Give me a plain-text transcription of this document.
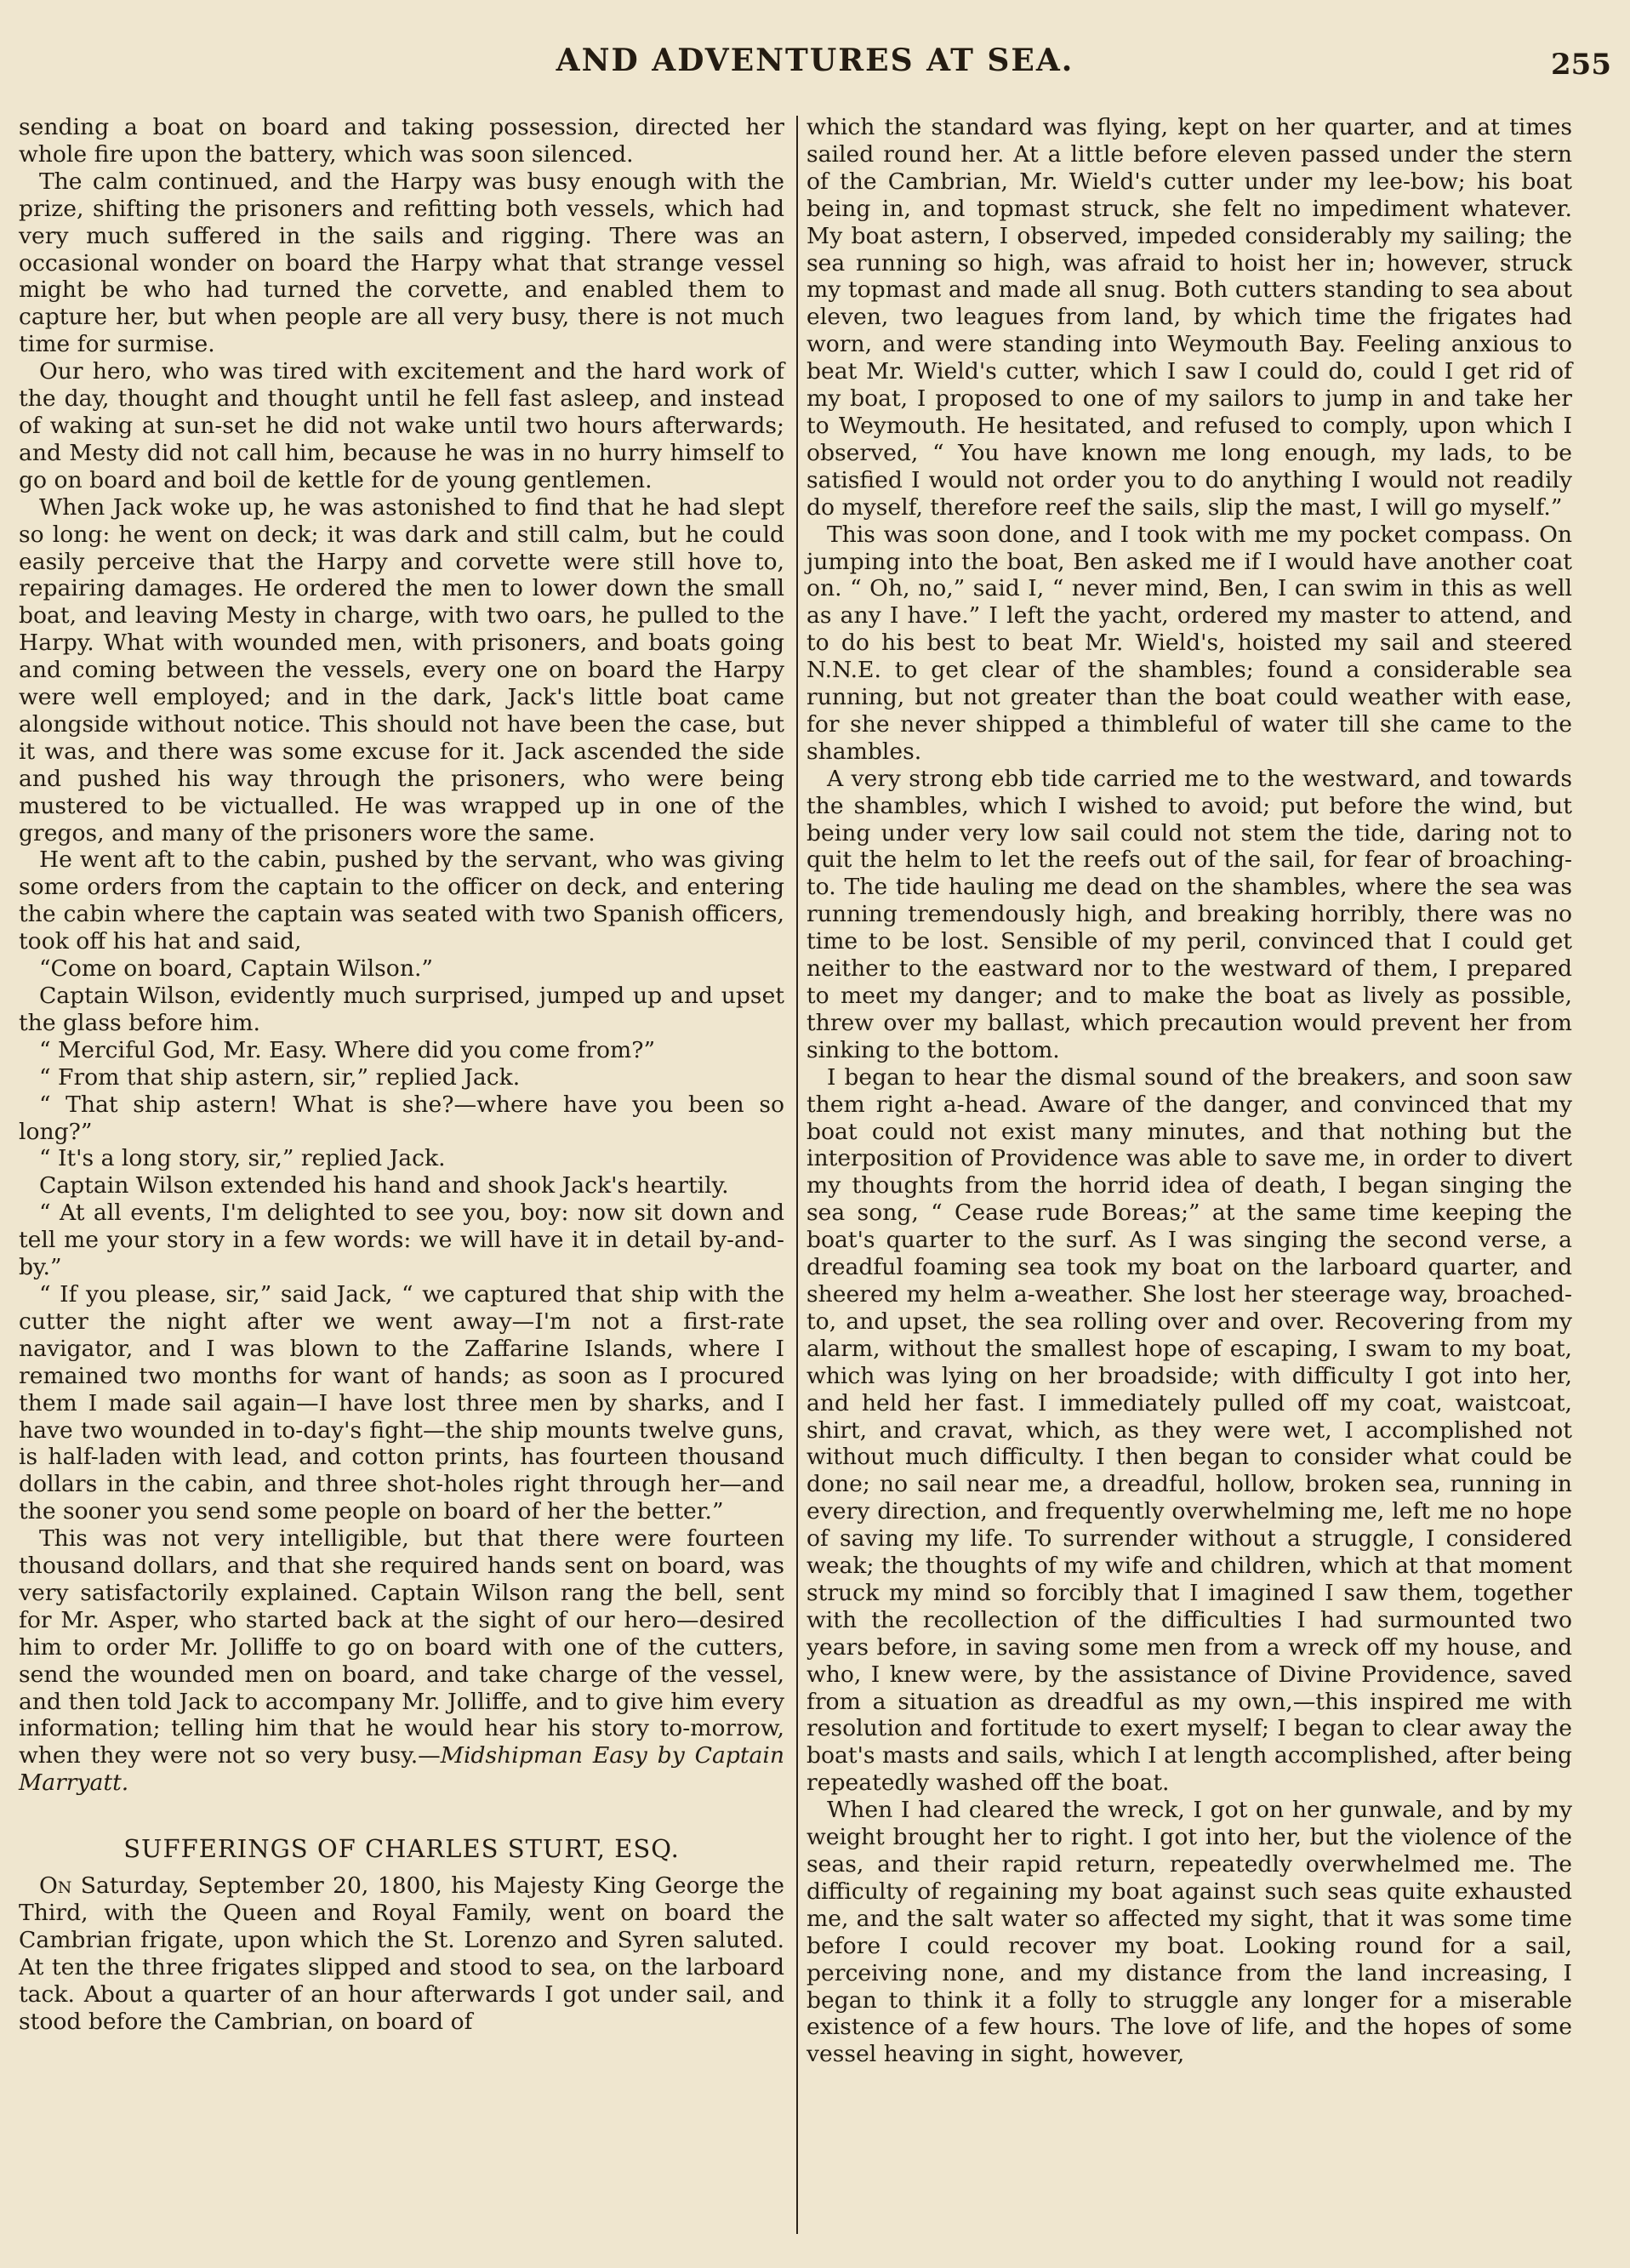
AND ADVENTURES AT SEA.	255

sending a boat on board and taking possession, directed her whole fire upon the battery, which was soon silenced.

The calm continued, and the Harpy was busy enough with the prize, shifting the prisoners and refitting both vessels, which had very much suffered in the sails and rigging. There was an occasional wonder on board the Harpy what that strange vessel might be who had turned the corvette, and enabled them to capture her, but when people are all very busy, there is not much time for surmise.

Our hero, who was tired with excitement and the hard work of the day, thought and thought until he fell fast asleep, and instead of waking at sun-set he did not wake until two hours afterwards; and Mesty did not call him, because he was in no hurry himself to go on board and boil de kettle for de young gentlemen.

When Jack woke up, he was astonished to find that he had slept so long: he went on deck; it was dark and still calm, but he could easily perceive that the Harpy and corvette were still hove to, repairing damages. He ordered the men to lower down the small boat, and leaving Mesty in charge, with two oars, he pulled to the Harpy. What with wounded men, with prisoners, and boats going and coming between the vessels, every one on board the Harpy were well employed; and in the dark, Jack's little boat came alongside without notice. This should not have been the case, but it was, and there was some excuse for it. Jack ascended the side and pushed his way through the prisoners, who were being mustered to be victualled. He was wrapped up in one of the gregos, and many of the prisoners wore the same.

He went aft to the cabin, pushed by the servant, who was giving some orders from the captain to the officer on deck, and entering the cabin where the captain was seated with two Spanish officers, took off his hat and said,

“Come on board, Captain Wilson.”

Captain Wilson, evidently much surprised, jumped up and upset the glass before him.

“ Merciful God, Mr. Easy. Where did you come from?”

“ From that ship astern, sir,” replied Jack.

“ That ship astern! What is she?—where have you been so long?”

“ It's a long story, sir,” replied Jack.

Captain Wilson extended his hand and shook Jack's heartily.

“ At all events, I'm delighted to see you, boy: now sit down and tell me your story in a few words: we will have it in detail by-and-by.”

“ If you please, sir,” said Jack, “ we captured that ship with the cutter the night after we went away—I'm not a first-rate navigator, and I was blown to the Zaffarine Islands, where I remained two months for want of hands; as soon as I procured them I made sail again—I have lost three men by sharks, and I have two wounded in to-day's fight—the ship mounts twelve guns, is half-laden with lead, and cotton prints, has fourteen thousand dollars in the cabin, and three shot-holes right through her—and the sooner you send some people on board of her the better.”

This was not very intelligible, but that there were fourteen thousand dollars, and that she required hands sent on board, was very satisfactorily explained. Captain Wilson rang the bell, sent for Mr. Asper, who started back at the sight of our hero—desired him to order Mr. Jolliffe to go on board with one of the cutters, send the wounded men on board, and take charge of the vessel, and then told Jack to accompany Mr. Jolliffe, and to give him every information; telling him that he would hear his story to-morrow, when they were not so very busy.—Midshipman Easy by Captain Marryatt.

SUFFERINGS OF CHARLES STURT, ESQ.

On Saturday, September 20, 1800, his Majesty King George the Third, with the Queen and Royal Family, went on board the Cambrian frigate, upon which the St. Lorenzo and Syren saluted. At ten the three frigates slipped and stood to sea, on the larboard tack. About a quarter of an hour afterwards I got under sail, and stood before the Cambrian, on board of

which the standard was flying, kept on her quarter, and at times sailed round her. At a little before eleven passed under the stern of the Cambrian, Mr. Wield's cutter under my lee-bow; his boat being in, and topmast struck, she felt no impediment whatever. My boat astern, I observed, impeded considerably my sailing; the sea running so high, was afraid to hoist her in; however, struck my topmast and made all snug. Both cutters standing to sea about eleven, two leagues from land, by which time the frigates had worn, and were standing into Weymouth Bay. Feeling anxious to beat Mr. Wield's cutter, which I saw I could do, could I get rid of my boat, I proposed to one of my sailors to jump in and take her to Weymouth. He hesitated, and refused to comply, upon which I observed, “ You have known me long enough, my lads, to be satisfied I would not order you to do anything I would not readily do myself, therefore reef the sails, slip the mast, I will go myself.”

This was soon done, and I took with me my pocket compass. On jumping into the boat, Ben asked me if I would have another coat on. “ Oh, no,” said I, “ never mind, Ben, I can swim in this as well as any I have.” I left the yacht, ordered my master to attend, and to do his best to beat Mr. Wield's, hoisted my sail and steered N.N.E. to get clear of the shambles; found a considerable sea running, but not greater than the boat could weather with ease, for she never shipped a thimbleful of water till she came to the shambles.

A very strong ebb tide carried me to the westward, and towards the shambles, which I wished to avoid; put before the wind, but being under very low sail could not stem the tide, daring not to quit the helm to let the reefs out of the sail, for fear of broaching-to. The tide hauling me dead on the shambles, where the sea was running tremendously high, and breaking horribly, there was no time to be lost. Sensible of my peril, convinced that I could get neither to the eastward nor to the westward of them, I prepared to meet my danger; and to make the boat as lively as possible, threw over my ballast, which precaution would prevent her from sinking to the bottom.

I began to hear the dismal sound of the breakers, and soon saw them right a-head. Aware of the danger, and convinced that my boat could not exist many minutes, and that nothing but the interposition of Providence was able to save me, in order to divert my thoughts from the horrid idea of death, I began singing the sea song, “ Cease rude Boreas;” at the same time keeping the boat's quarter to the surf. As I was singing the second verse, a dreadful foaming sea took my boat on the larboard quarter, and sheered my helm a-weather. She lost her steerage way, broached-to, and upset, the sea rolling over and over. Recovering from my alarm, without the smallest hope of escaping, I swam to my boat, which was lying on her broadside; with difficulty I got into her, and held her fast. I immediately pulled off my coat, waistcoat, shirt, and cravat, which, as they were wet, I accomplished not without much difficulty. I then began to consider what could be done; no sail near me, a dreadful, hollow, broken sea, running in every direction, and frequently overwhelming me, left me no hope of saving my life. To surrender without a struggle, I considered weak; the thoughts of my wife and children, which at that moment struck my mind so forcibly that I imagined I saw them, together with the recollection of the difficulties I had surmounted two years before, in saving some men from a wreck off my house, and who, I knew were, by the assistance of Divine Providence, saved from a situation as dreadful as my own,—this inspired me with resolution and fortitude to exert myself; I began to clear away the boat's masts and sails, which I at length accomplished, after being repeatedly washed off the boat.

When I had cleared the wreck, I got on her gunwale, and by my weight brought her to right. I got into her, but the violence of the seas, and their rapid return, repeatedly overwhelmed me. The difficulty of regaining my boat against such seas quite exhausted me, and the salt water so affected my sight, that it was some time before I could recover my boat. Looking round for a sail, perceiving none, and my distance from the land increasing, I began to think it a folly to struggle any longer for a miserable existence of a few hours. The love of life, and the hopes of some vessel heaving in sight, however,
